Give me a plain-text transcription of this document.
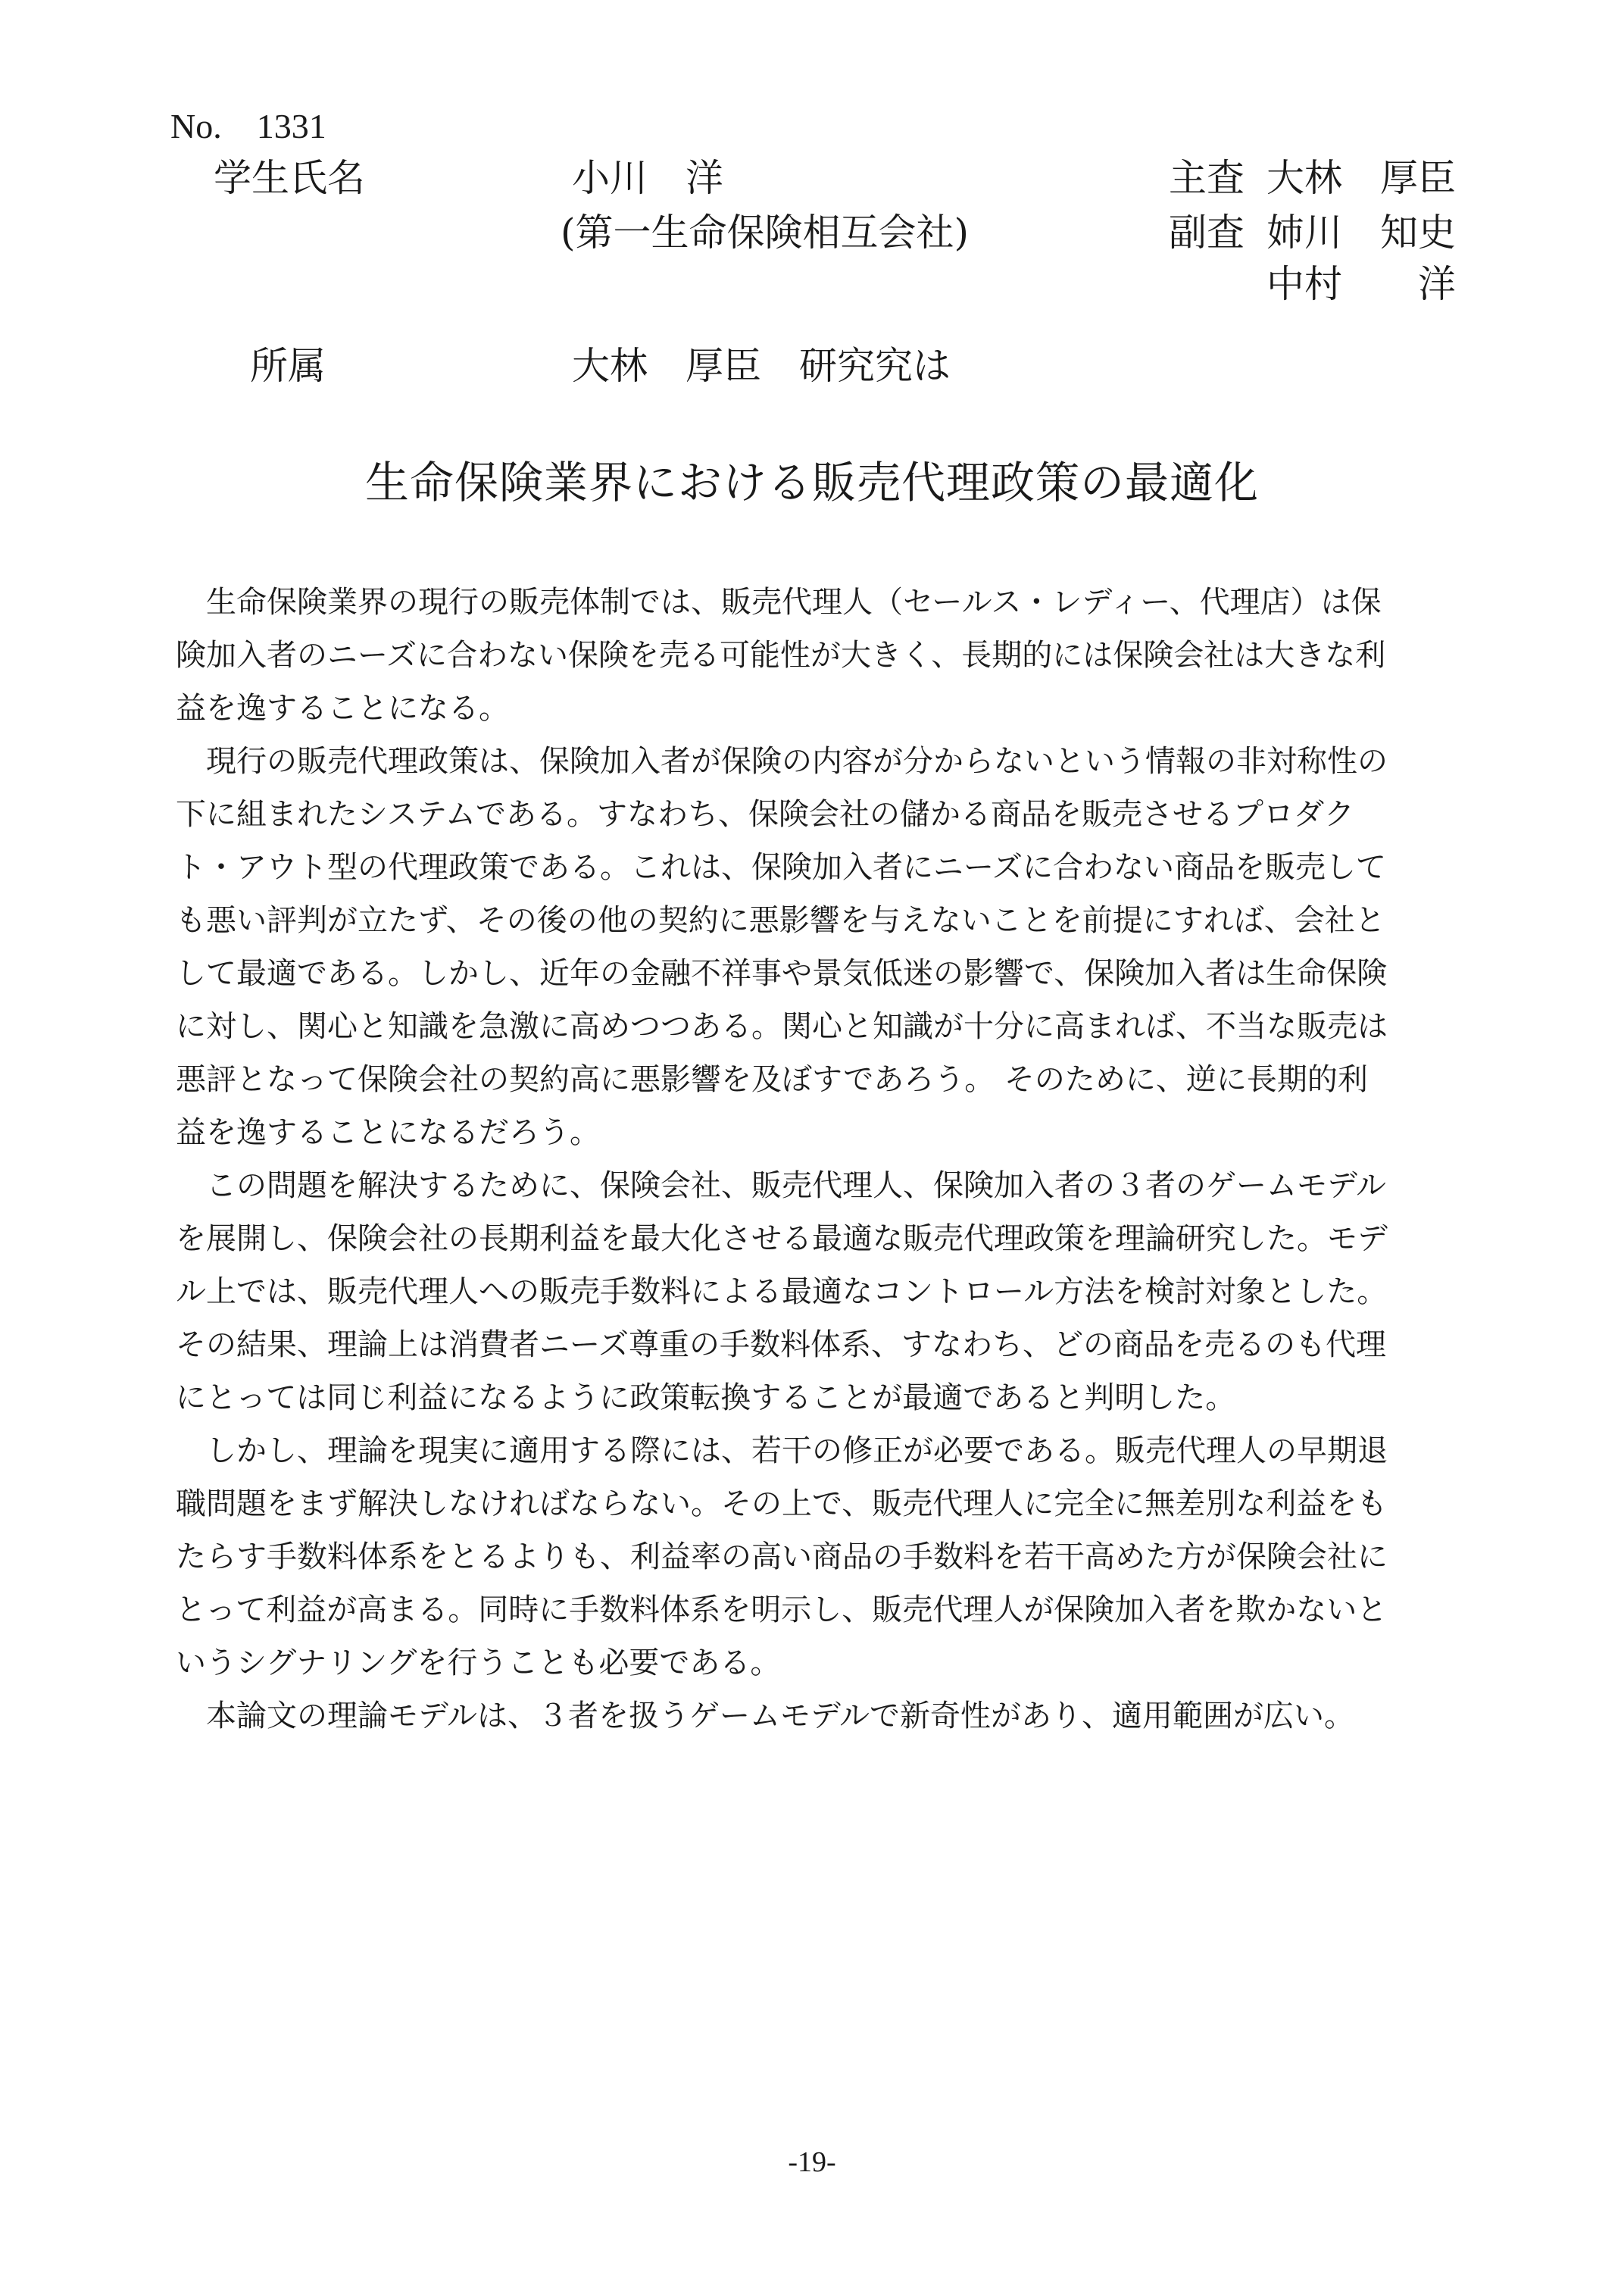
No.　1331
学生氏名	小川　洋
(第一生命保険相互会社)
主査 大林　厚臣
副査 姉川　知史
中村　　洋
所属	大林　厚臣　研究究は
生命保険業界における販売代理政策の最適化
　生命保険業界の現行の販売体制では、販売代理人（セールス・レディー、代理店）は保
険加入者のニーズに合わない保険を売る可能性が大きく、長期的には保険会社は大きな利
益を逸することになる。
　現行の販売代理政策は、保険加入者が保険の内容が分からないという情報の非対称性の
下に組まれたシステムである。すなわち、保険会社の儲かる商品を販売させるプロダク
ト・アウト型の代理政策である。これは、保険加入者にニーズに合わない商品を販売して
も悪い評判が立たず、その後の他の契約に悪影響を与えないことを前提にすれば、会社と
して最適である。しかし、近年の金融不祥事や景気低迷の影響で、保険加入者は生命保険
に対し、関心と知識を急激に高めつつある。関心と知識が十分に高まれば、不当な販売は
悪評となって保険会社の契約高に悪影響を及ぼすであろう。 そのために、逆に長期的利
益を逸することになるだろう。
　この問題を解決するために、保険会社、販売代理人、保険加入者の３者のゲームモデル
を展開し、保険会社の長期利益を最大化させる最適な販売代理政策を理論研究した。モデ
ル上では、販売代理人への販売手数料による最適なコントロール方法を検討対象とした。
その結果、理論上は消費者ニーズ尊重の手数料体系、すなわち、どの商品を売るのも代理
にとっては同じ利益になるように政策転換することが最適であると判明した。
　しかし、理論を現実に適用する際には、若干の修正が必要である。販売代理人の早期退
職問題をまず解決しなければならない。その上で、販売代理人に完全に無差別な利益をも
たらす手数料体系をとるよりも、利益率の高い商品の手数料を若干高めた方が保険会社に
とって利益が高まる。同時に手数料体系を明示し、販売代理人が保険加入者を欺かないと
いうシグナリングを行うことも必要である。
　本論文の理論モデルは、３者を扱うゲームモデルで新奇性があり、適用範囲が広い。
-19-
